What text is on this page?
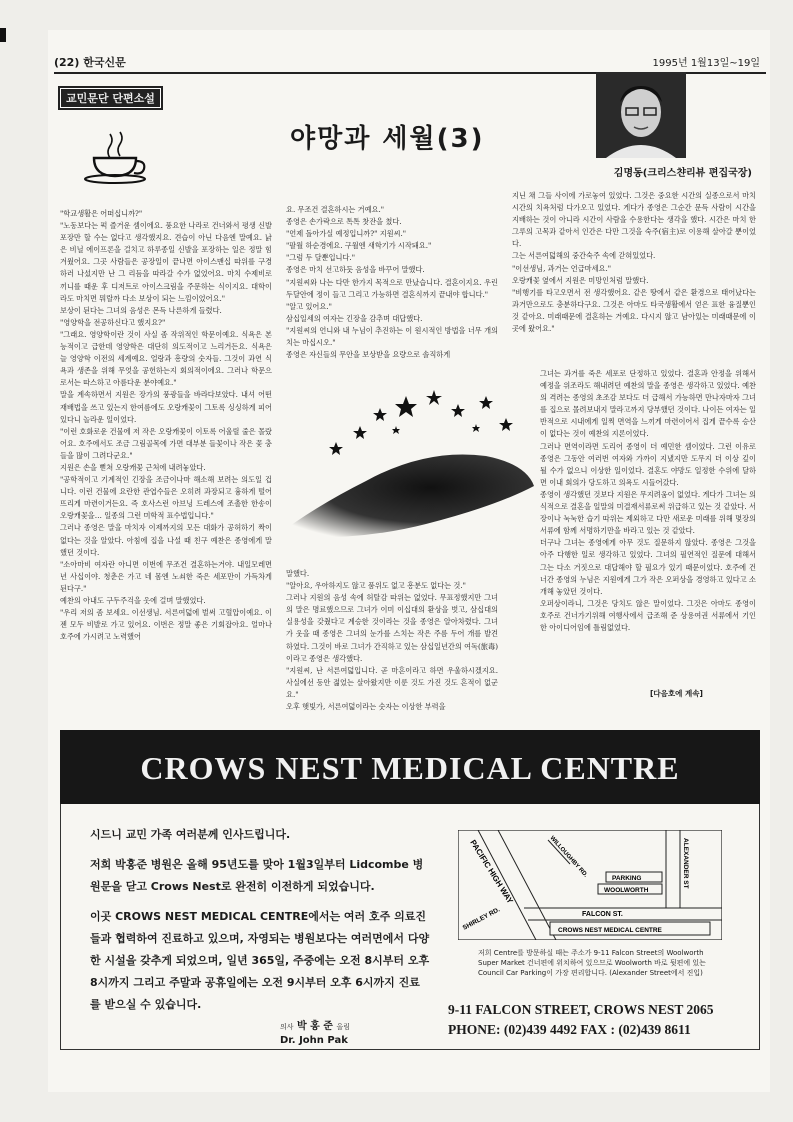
(22) 한국신문	1995년 1월13일~19일
교민문단 단편소설
야망과 세월(3)
김명동(크리스챤리뷰 편집국장)

"학교생활은 어떠십니까?"

"노동보다는 퍽 즐거운 셈이에요. 풍요한 나라로 건너와서 평생 신발포장만 할 수는 없다고 생각했지요. 견습이 아닌 다음엔 말예요. 낡은 비닐 에이프론을 걸치고 하루종일 신발을 포장하는 일은 정말 힘겨웠어요. 그곳 사람들은 공장일이 끝나면 아이스맨십 따위를 구경하러 나섰지만 난 그 리듬을 따라갈 수가 없었어요. 마치 수제비로 끼니를 때운 후 디저트로 아이스크림을 주문하는 식이지요. 대학이라도 마치면 뭐랄까 다소 보상이 되는 느낌이었어요."

보상이 된다는 그녀의 음성은 몬득 나른하게 들렸다.

"영양학을 전공하신다고 했지요?"

"그래요. 영양학이란 것이 사실 좀 작위적인 학문이예요. 식욕은 본능적이고 급한데 영양학은 대단히 의도적이고 느리거든요. 식욕은 늘 영양학 이전의 세계예요. 얼랑과 흥량의 숫자들. 그것이 과연 식욕과 생존을 위해 무엇을 공헌하는지 회의적이에요. 그러나 학문으로서는 따스하고 아름다운 분야예요."

말을 계속하면서 지원은 장가의 풍광들을 바라다보았다. 내셔 어떤 재배법을 쓰고 있는지 한여름에도 오랑캐꽃이 그토록 싱싱하게 피어있다니 놀라운 일이었다.

"이런 호화로운 건물에 저 작은 오랑캐꽃이 이토록 어울릴 줄은 몰랐어요. 호주에서도 조금 그림골목에 가면 대부분 들꽃이나 작은 꽃 충들을 많이 그려다군요."

지원은 손을 뻗쳐 오랑캐꽃 근처에 내려놓았다.

"공학적이고 기계적인 긴장을 조금이나마 해소해 보려는 의도일 겁니다. 이런 건물에 요란한 관엽수들은 오히려 과장되고 흉하게 떨어뜨리게 마련이거든요. 즉 호사스런 아브닝 드레스에 조촐한 한송이 오랑캐꽃을… 일종의 그런 미학적 표수법입니다."

그러나 종영은 말을 마치자 이제까지의 모든 대화가 공허하기 짝이 없다는 것을 알았다. 아침에 집을 나설 때 친구 예찬은 종영에게 말했던 것이다.

"소아마비 여자란 아니면 이번에 무조건 결혼하는거야. 내일모레면 년 사십이야. 청춘은 가고 네 몸엔 노쇠한 죽은 세포만이 가득차게 된다구."

예찬의 아내도 구두주걱을 옷에 걸며 말했었다.

"우리 저의 좀 보세요. 이선생님. 서른여덟에 벌써 고혈압이예요. 이젠 모두 비발로 가고 있어요. 이번은 정말 좋은 기회잡아요. 얼마나 호주에 가시려고 노력했어

요. 무조건 결혼하시는 거예요."

종영은 손가락으로 톡톡 찻잔을 쳤다.

"언제 돌아가실 예정입니까?" 지원씨."

"팔월 하순경에요. 구월엔 새학기가 시작돼요."

"그럼 두 달뿐입니다."

종영은 마치 선고하듯 음성을 바꾸어 말했다.

"지원씨와 나는 다만 한가지 목적으로 만났습니다. 결혼이지요. 우린 두달안에 정이 들고 그리고 가능하면 결혼식까지 끝내야 합니다."

"알고 있어요."

삼십일세의 여자는 긴장을 감추며 대답했다.

"지원씨의 언니와 내 누님이 추진하는 이 원시적인 방법을 너무 개의치는 마십시오."

종영은 자신들의 무안을 보상받을 요량으로 솔직하게

말했다.

"알아요, 우아하지도 않고 품위도 없고 흥분도 없다는 것."

그러나 지원의 음성 속에 허탈감 따위는 없었다. 무표정했지만 그녀의 말은 명료했으므로 그녀가 이미 이십대의 환상을 벗고, 삼십대의 실용성을 갖췄다고 계승한 것이라는 것을 종영은 알아차렸다. 그녀가 웃을 때 종영은 그녀의 눈가를 스치는 작은 주름 두어 개를 발견하였다. 그것이 바로 그녀가 간직하고 있는 삼십일년간의 여독(旅毒)이라고 종영은 생각했다.

"지원씨, 난 서른여덟입니다. 곧 마흔이라고 하면 우울하시겠지요. 사실에선 동안 젊었는 살아왔지만 이룬 것도 가진 것도 흔적이 없군요."

오후 햇빛가, 서른여덟이라는 숫자는 이상한 부력을

지닌 채 그들 사이에 가로놓여 있었다. 그것은 중요한 시간의 실종으로서 마치 시간의 치욕처럼 다가오고 있었다. 게다가 종영은 그순간 문득 사람이 시간을 지배하는 것이 아니라 시간이 사람을 수용한다는 생각을 했다. 시간은 마치 한 그루의 고목과 같아서 인간은 다만 그것을 숙주(宿主)로 이용해 살아갈 뿐이었다.

그는 서른여덟해의 중간숙주 속에 갇혀있었다.

"이선생님, 과거는 언급마세요."

오랑캐꽃 옆에서 지원은 미망인처럼 말했다.

"비행기를 타고오면서 전 생각했어요. 같은 땅에서 같은 환경으로 태어났다는 과거만으로도 충분하다구요. 그것은 아마도 타국생활에서 얻은 표한 융질뿐인 것 같아요. 미래때문에 결혼하는 거예요. 다시지 않고 남아있는 미래때문에 이곳에 왔어요."

그녀는 과거를 죽은 세포로 단정하고 있었다. 결혼과 안정을 위해서 예정을 위조라도 해내려던 예찬의 말을 종영은 생각하고 있었다. 예찬의 격려는 종영의 초조감 보다도 더 급해서 가능하면 만나자마자 그녀를 집으로 몰려보내지 말라고까지 당부했던 것이다. 나이든 여자는 일반적으로 시내에게 일찍 면역을 느끼게 마련이어서 집게 끝수록 승산이 없다는 것이 예찬의 지론이었다.

그러나 면역이라면 도리어 종영이 더 예민한 셈이었다. 그런 이유로 종영은 그동안 여러번 여자와 가까이 지냈지만 도무지 더 이상 깊이 될 수가 없으니 이상한 일이었다. 결혼도 야망도 일정한 수위에 달하면 이내 회의가 당도하고 의욕도 시들어갔다.

종영이 생각했던 것보다 지원은 무지려움이 없었다. 게다가 그녀는 의식적으로 결혼을 일말의 미결재서류로써 위급하고 있는 것 같았다. 서장이나 눅눅한 습기 따위는 제외하고 다만 새로운 미래를 위해 몇장의 서류에 함께 서명하기만을 바라고 있는 것 같았다.

더구나 그녀는 종영에게 아무 것도 질문하지 않았다. 종영은 그것을 아주 다행한 일로 생각하고 있었다. 그녀의 필연적인 질문에 대해서 그는 다소 거짓으로 대답해야 할 필요가 있기 때문이었다. 호주에 건너간 종영의 누님은 지원에게 그가 작은 오퍼상을 경영하고 있다고 소개해 놓았던 것이다.

오퍼상이라니, 그것은 당치도 않은 말이었다. 그것은 아마도 종영이 호주로 건너가기위해 여행사에서 급조해 준 상용여권 서류에서 기인한 아이디어임에 틀림없었다.

[다음호에 계속]
CROWS NEST MEDICAL CENTRE

시드니 교민 가족 여러분께 인사드립니다.

저희 박홍준 병원은 올해 95년도를 맞아 1월3일부터 Lidcombe 병원문을 닫고 Crows Nest로 완전히 이전하게 되었습니다.

이곳 CROWS NEST MEDICAL CENTRE에서는 여러 호주 의료진들과 협력하여 진료하고 있으며, 자영되는 병원보다는 여러면에서 다양한 시설을 갖추게 되었으며, 일년 365일, 주중에는 오전 8시부터 오후 8시까지 그리고 주말과 공휴일에는 오전 9시부터 오후 6시까지 진료를 받으실 수 있습니다.

의사 박 홍 준 올림
Dr. John Pak
PACIFIC HIGH WAY	WILLOUGHBY RD.	PARKING
WOOLWORTH
ALEXANDER ST
FALCON ST.
SHIRLEY RD.	CROWS NEST MEDICAL CENTRE
저희 Centre를 방문하실 때는 주소가 9-11 Falcon Street의 Woolworth Super Market 건너편에 위치하여 있으므로 Woolworth 바로 뒷편에 있는 Council Car Parking이 가장 편리합니다. (Alexander Street에서 진입)
9-11 FALCON STREET, CROWS NEST 2065
PHONE: (02)439 4492 FAX : (02)439 8611
